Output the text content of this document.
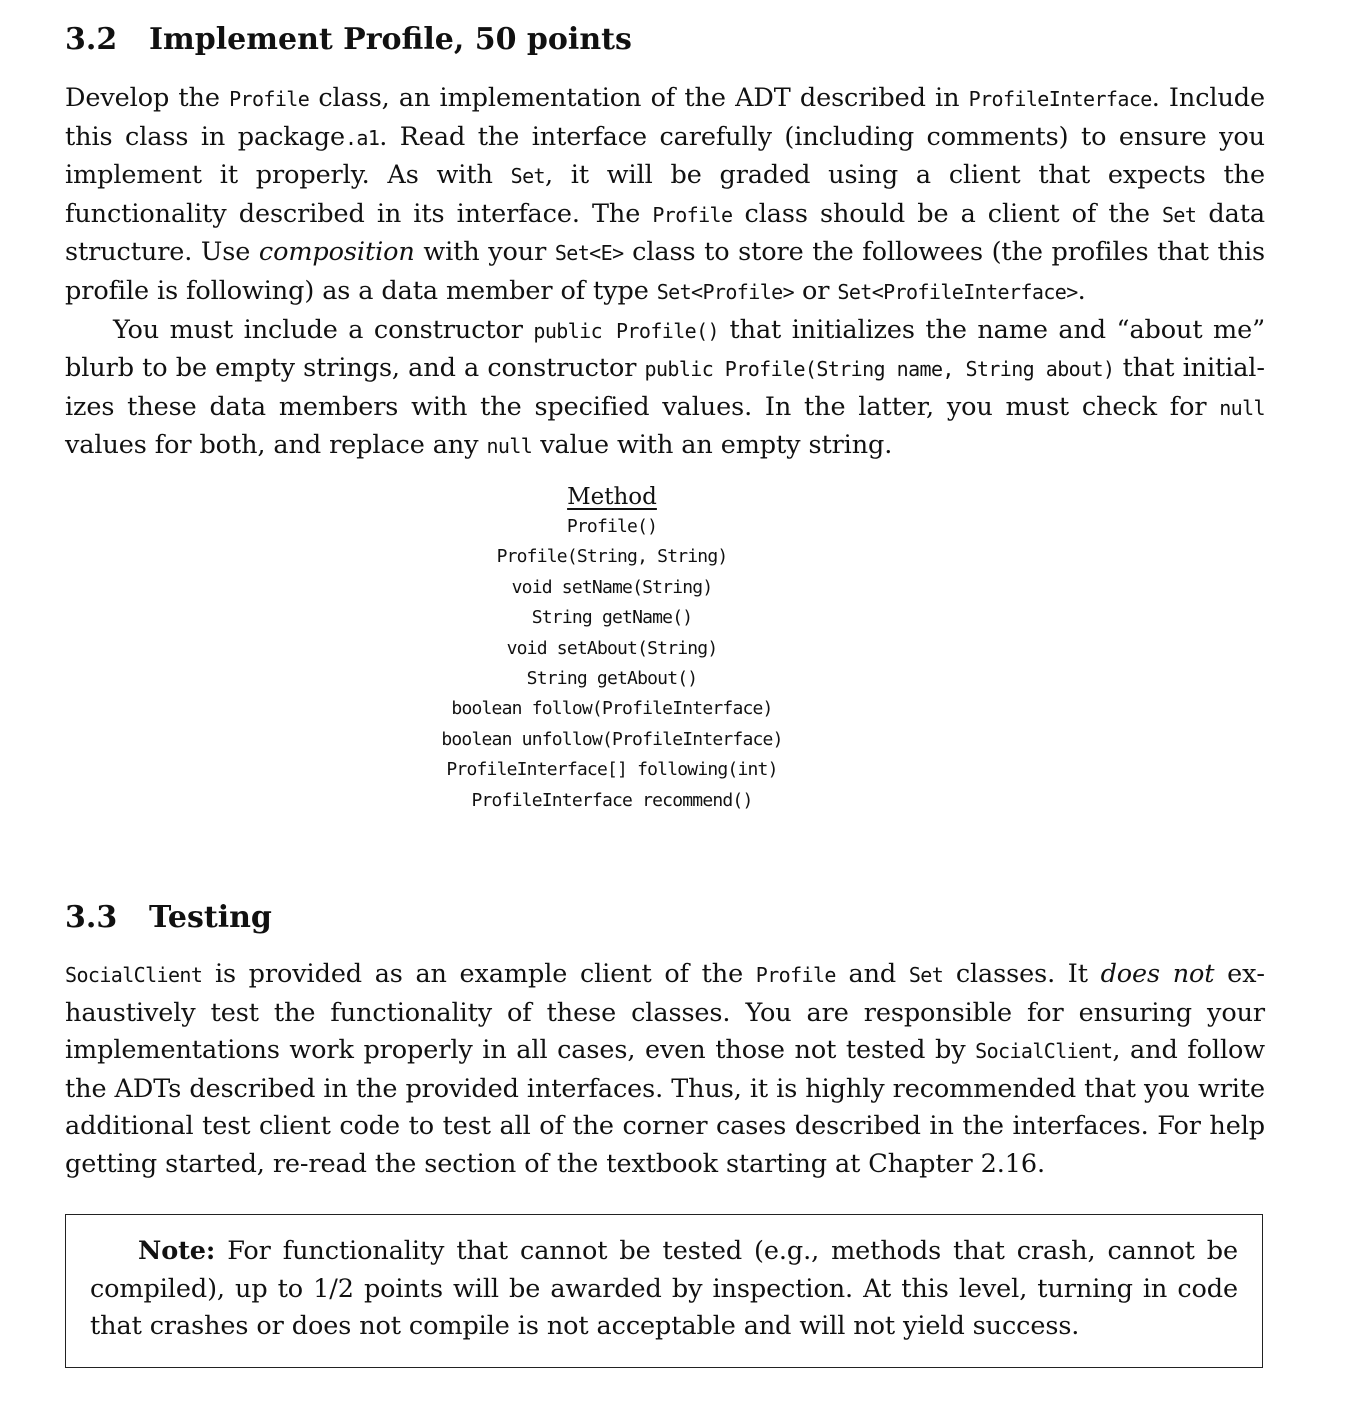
3.2 Implement Profile, 50 points

Develop the Profile class, an implementation of the ADT described in ProfileInterface. Include this class in package.a1. Read the interface carefully (including comments) to ensure you implement it properly. As with Set, it will be graded using a client that expects the functionality described in its interface. The Profile class should be a client of the Set data structure. Use composition with your Set<E> class to store the followees (the profiles that this profile is following) as a data member of type Set<Profile> or Set<ProfileInterface>.

You must include a constructor public Profile() that initializes the name and “about me” blurb to be empty strings, and a constructor public Profile(String name, String about) that initializes these data members with the specified values. In the latter, you must check for null values for both, and replace any null value with an empty string.

Method
Profile()
Profile(String, String)
void setName(String)
String getName()
void setAbout(String)
String getAbout()
boolean follow(ProfileInterface)
boolean unfollow(ProfileInterface)
ProfileInterface[] following(int)
ProfileInterface recommend()
3.3 Testing

SocialClient is provided as an example client of the Profile and Set classes. It does not exhaustively test the functionality of these classes. You are responsible for ensuring your implementations work properly in all cases, even those not tested by SocialClient, and follow the ADTs described in the provided interfaces. Thus, it is highly recommended that you write additional test client code to test all of the corner cases described in the interfaces. For help getting started, re-read the section of the textbook starting at Chapter 2.16.

Note: For functionality that cannot be tested (e.g., methods that crash, cannot be compiled), up to 1/2 points will be awarded by inspection. At this level, turning in code that crashes or does not compile is not acceptable and will not yield success.
